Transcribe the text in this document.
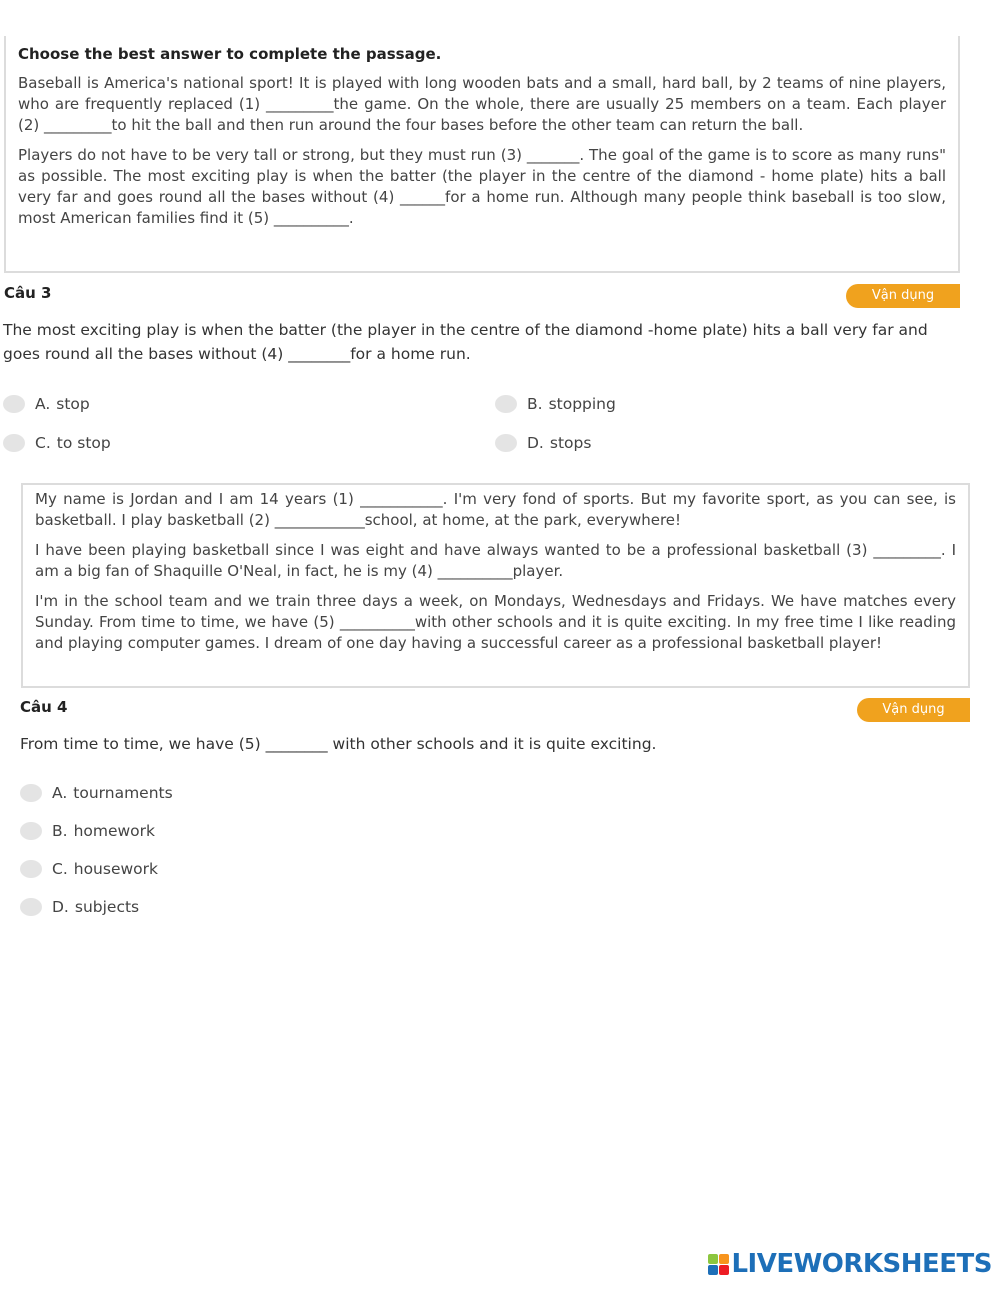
Choose the best answer to complete the passage.

Baseball is America's national sport! It is played with long wooden bats and a small, hard ball, by 2 teams of nine players, who are frequently replaced (1) _________the game. On the whole, there are usually 25 members on a team. Each player (2) _________to hit the ball and then run around the four bases before the other team can return the ball.

Players do not have to be very tall or strong, but they must run (3) _______. The goal of the game is to score as many runs" as possible. The most exciting play is when the batter (the player in the centre of the diamond - home plate) hits a ball very far and goes round all the bases without (4) ______for a home run. Although many people think baseball is too slow, most American families find it (5) __________.

Câu 3	Vận dụng

The most exciting play is when the batter (the player in the centre of the diamond -home plate) hits a ball very far and goes round all the bases without (4) ________for a home run.

A. stop	B. stopping
C. to stop	D. stops

My name is Jordan and I am 14 years (1) ___________. I'm very fond of sports. But my favorite sport, as you can see, is basketball. I play basketball (2) ____________school, at home, at the park, everywhere!

I have been playing basketball since I was eight and have always wanted to be a professional basketball (3) _________. I am a big fan of Shaquille O'Neal, in fact, he is my (4) __________player.

I'm in the school team and we train three days a week, on Mondays, Wednesdays and Fridays. We have matches every Sunday. From time to time, we have (5) __________with other schools and it is quite exciting. In my free time I like reading and playing computer games. I dream of one day having a successful career as a professional basketball player!

Câu 4	Vận dụng

From time to time, we have (5) ________ with other schools and it is quite exciting.

A. tournaments
B. homework
C. housework
D. subjects
LIVEWORKSHEETS
